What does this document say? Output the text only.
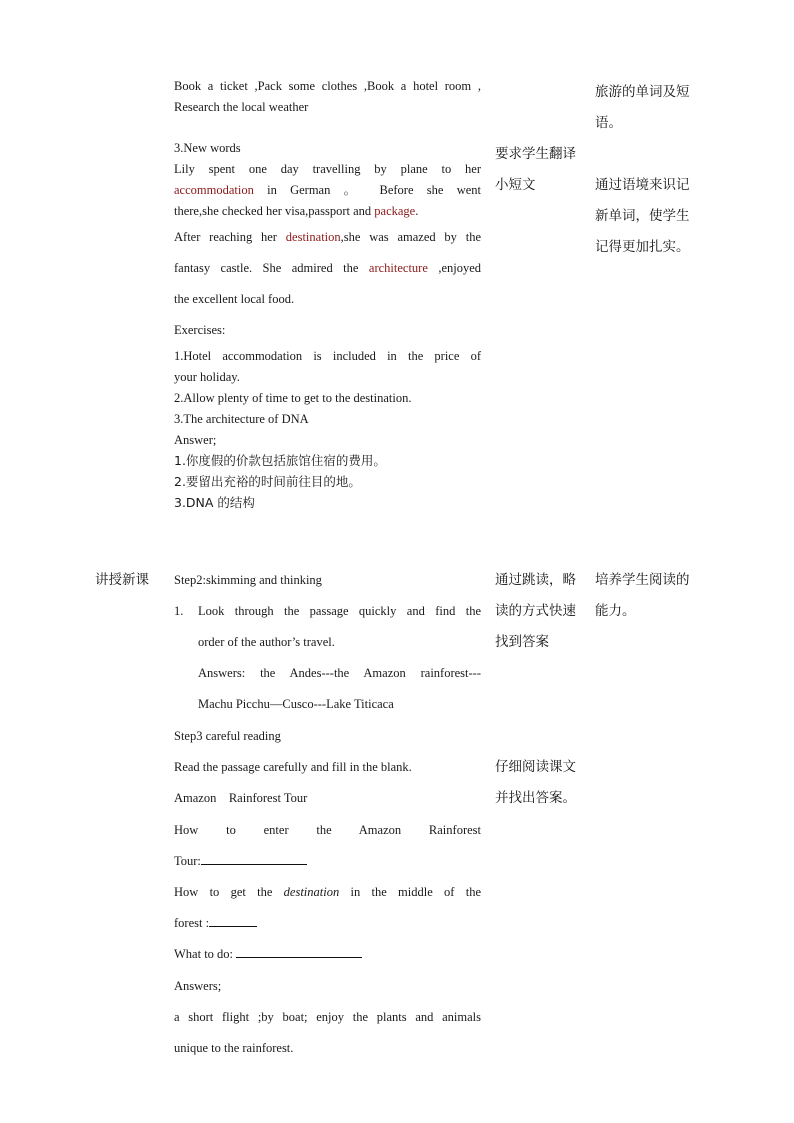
Book a ticket ,Pack some clothes ,Book a hotel room ,
Research the local weather
3.New words
Lily spent one day travelling by plane to her
accommodation in German 。 Before she went
there,she checked her visa,passport and package.
After reaching her destination,she was amazed by the
fantasy castle. She admired the architecture ,enjoyed
the excellent local food.
Exercises:
1.Hotel accommodation is included in the price of
your holiday.
2.Allow plenty of time to get to the destination.
3.The architecture of DNA
Answer;
1.你度假的价款包括旅馆住宿的费用。
2.要留出充裕的时间前往目的地。
3.DNA 的结构
要求学生翻译
小短文
旅游的单词及短
语。
通过语境来识记
新单词，使学生
记得更加扎实。
讲授新课 Step2:skimming and thinking
1.	Look through the passage quickly and find the
order of the author’s travel.
Answers: the Andes---the Amazon rainforest---
Machu Picchu—Cusco---Lake Titicaca
Step3 careful reading
Read the passage carefully and fill in the blank.
Amazon    Rainforest Tour
How to enter the Amazon Rainforest
Tour:
How to get the destination in the middle of the
forest :
What to do:
Answers;
a short flight ;by boat; enjoy the plants and animals
unique to the rainforest.
通过跳读，略
读的方式快速
找到答案
仔细阅读课文
并找出答案。
培养学生阅读的
能力。
